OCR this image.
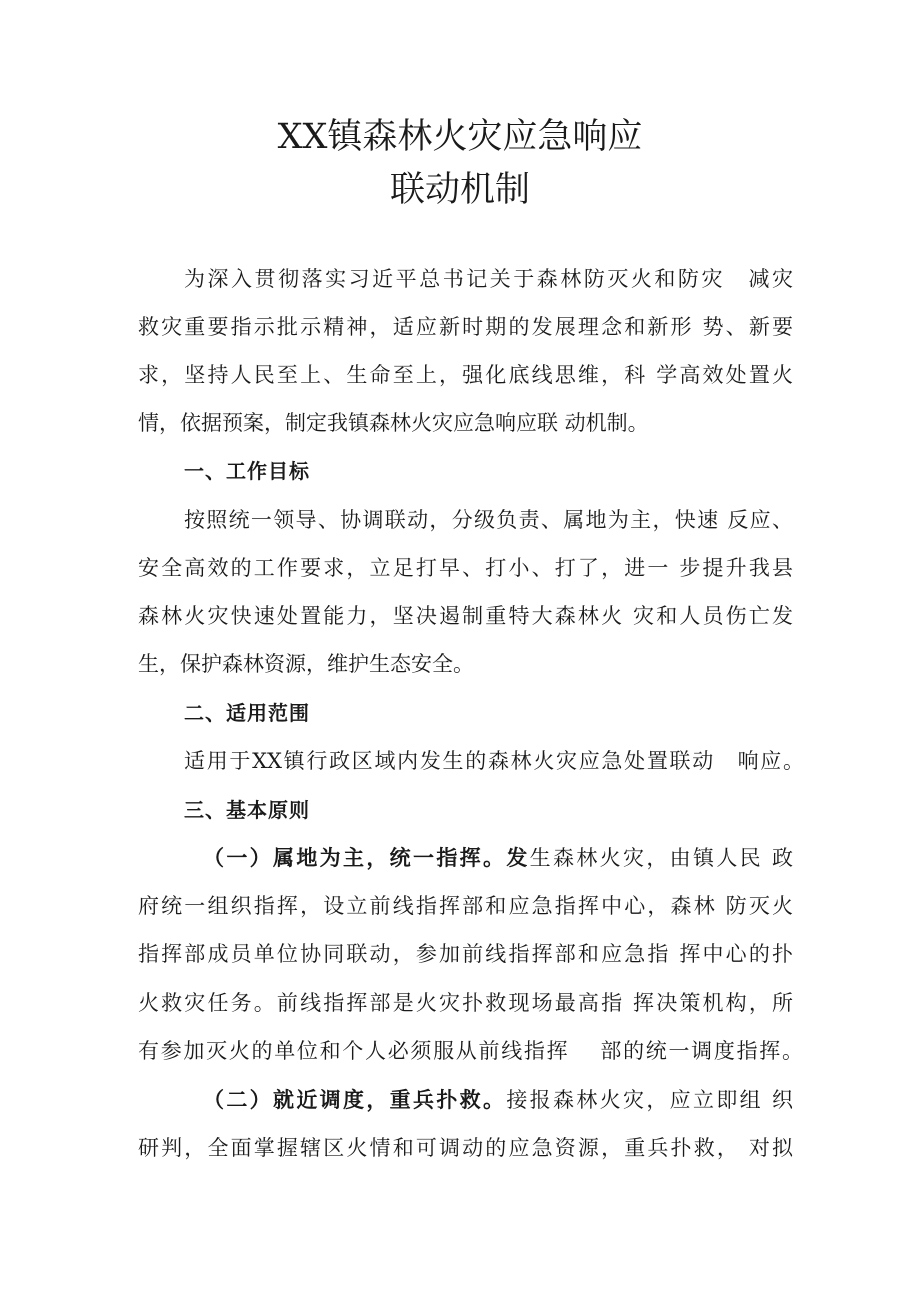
XX镇森林火灾应急响应
联动机制
为深入贯彻落实习近平总书记关于森林防灭火和防灾　减灾
救灾重要指示批示精神，适应新时期的发展理念和新形 势、新要
求，坚持人民至上、生命至上，强化底线思维，科 学高效处置火
情，依据预案，制定我镇森林火灾应急响应联 动机制。
一、工作目标
按照统一领导、协调联动，分级负责、属地为主，快速 反应、
安全高效的工作要求，立足打早、打小、打了，进一 步提升我县
森林火灾快速处置能力，坚决遏制重特大森林火 灾和人员伤亡发
生，保护森林资源，维护生态安全。
二、适用范围
适用于XX镇行政区域内发生的森林火灾应急处置联动　响应。
三、基本原则
（一）属地为主，统一指挥。发生森林火灾，由镇人民 政
府统一组织指挥，设立前线指挥部和应急指挥中心，森林 防灭火
指挥部成员单位协同联动，参加前线指挥部和应急指 挥中心的扑
火救灾任务。前线指挥部是火灾扑救现场最高指 挥决策机构，所
有参加灭火的单位和个人必须服从前线指挥　 部的统一调度指挥。
（二）就近调度，重兵扑救。接报森林火灾，应立即组 织
研判，全面掌握辖区火情和可调动的应急资源，重兵扑救， 对拟
